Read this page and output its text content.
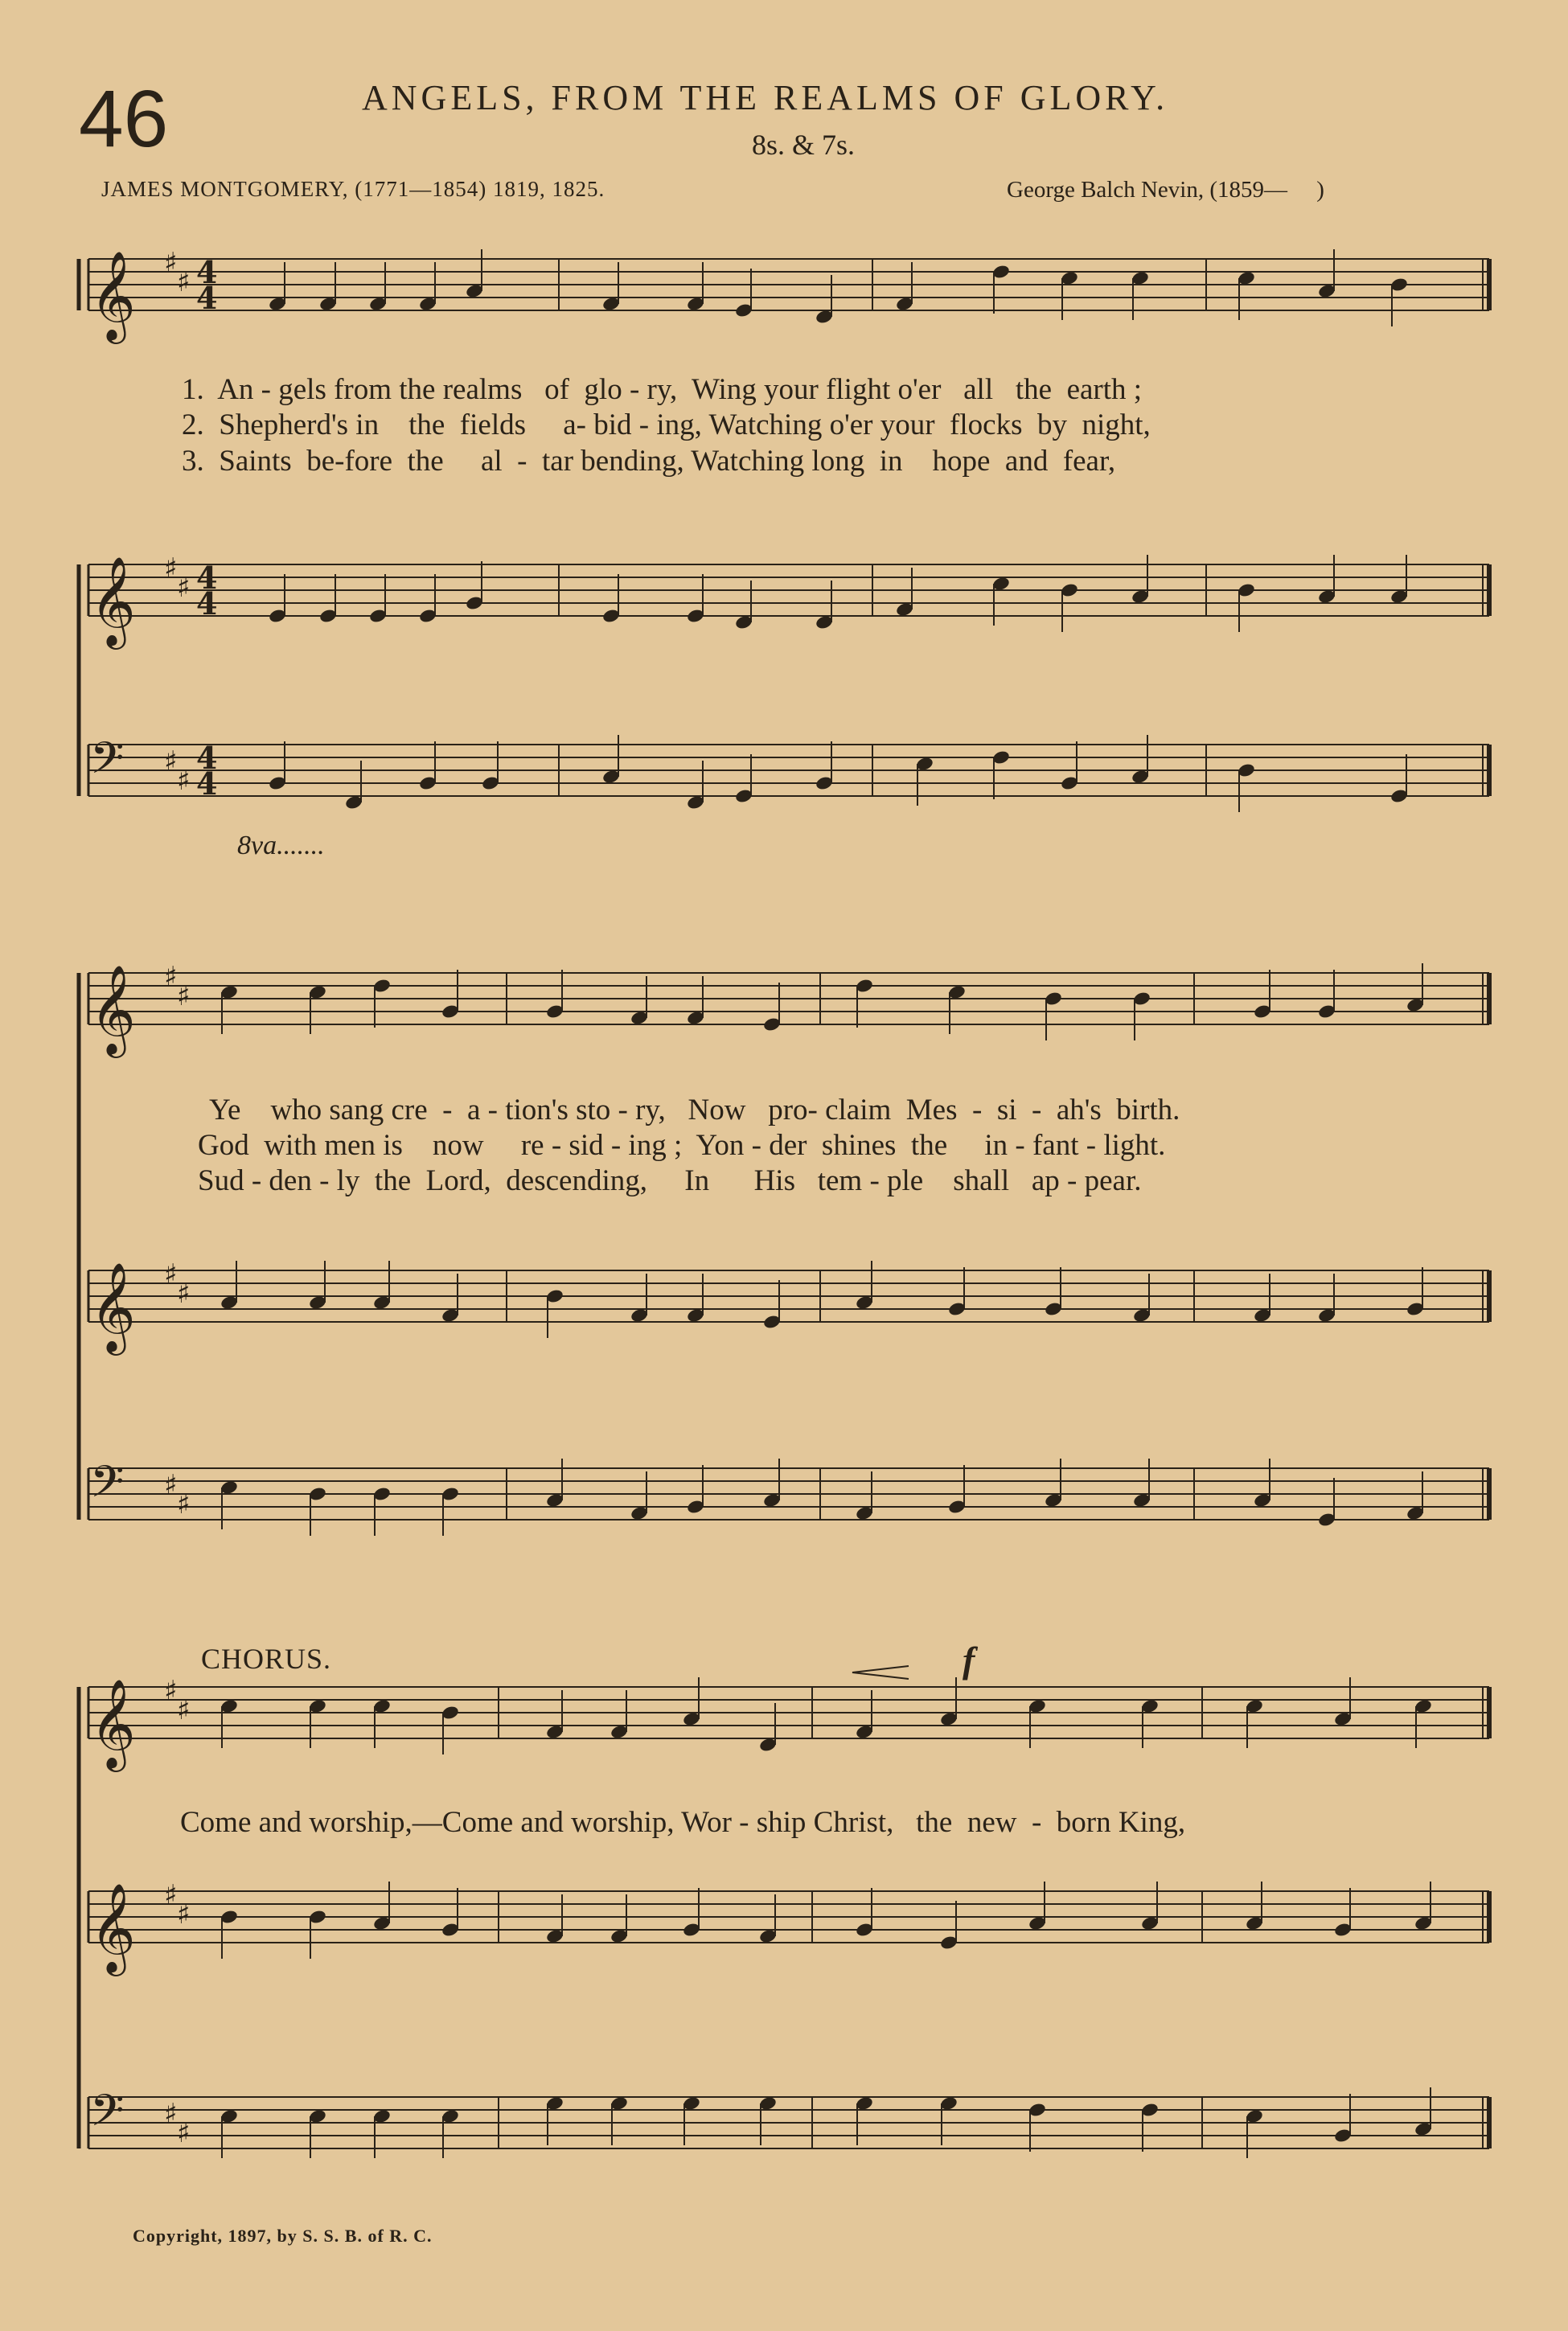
46	ANGELS, FROM THE REALMS OF GLORY.
8s. & 7s.
JAMES MONTGOMERY, (1771—1854) 1819, 1825.	George Balch Nevin, (1859—     )
𝄞 ♯
♯ 4
4
𝄞 ♯
♯ 4
4
𝄢 ♯
♯
4
4
𝄞 ♯
♯
𝄞 ♯
♯
𝄢 ♯
♯
𝄞 ♯
♯
𝄞 ♯
♯
𝄢 ♯
♯
1.  An - gels from the realms   of  glo - ry,  Wing your flight o'er   all   the  earth ;
2.  Shepherd's in    the  fields     a- bid - ing, Watching o'er your  flocks  by  night,
3.  Saints  be-fore  the     al  -  tar bending, Watching long  in    hope  and  fear,
Ye    who sang cre  -  a - tion's sto - ry,   Now   pro- claim  Mes  -  si  -  ah's  birth.
God  with men is    now     re - sid - ing ;  Yon - der  shines  the     in - fant - light.
Sud - den - ly  the  Lord,  descending,     In      His   tem - ple    shall   ap - pear.
CHORUS.	f
Come and worship,—Come and worship, Wor - ship Christ,   the  new  -  born King,
8va.......
Copyright, 1897, by S. S. B. of R. C.
